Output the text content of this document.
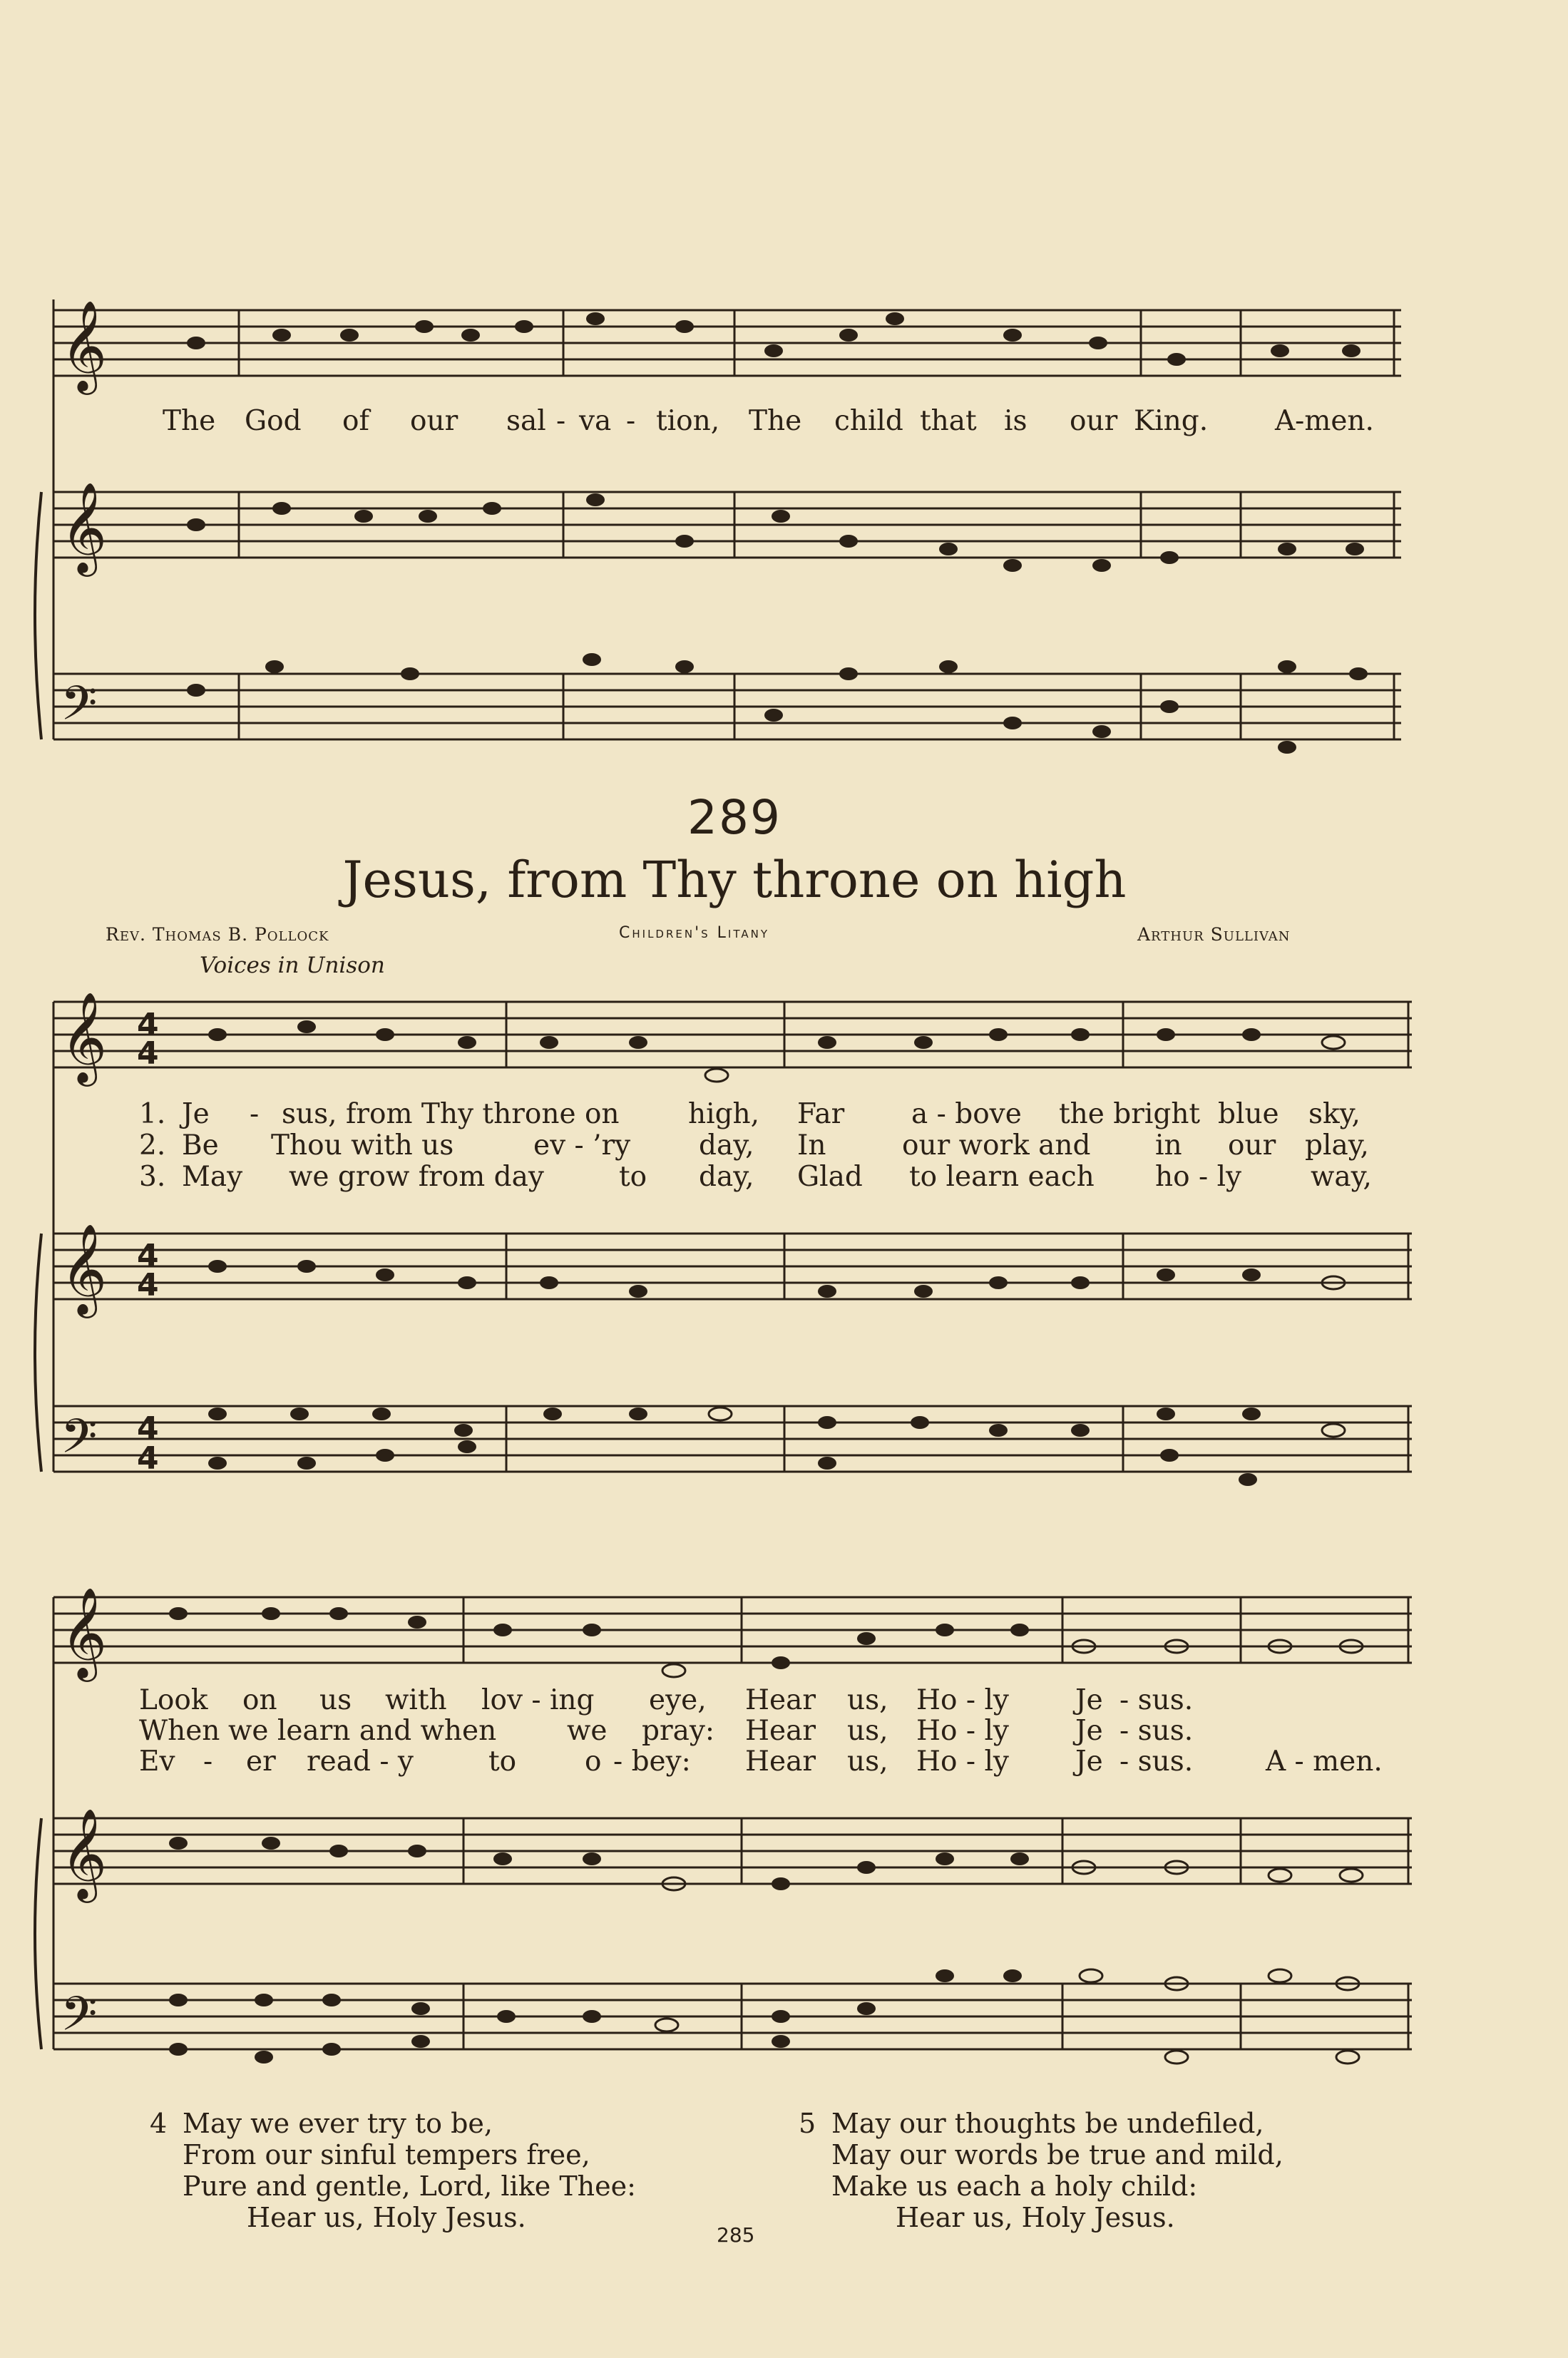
𝄞
𝄞
𝄢
𝄞
𝄞
𝄢
𝄞
𝄞
𝄢
4
4
4
4
4
4
The God of our sal - va - tion, The child that is our King. A-men.
289
Jesus, from Thy throne on high
Rev. Thomas B. Pollock	Children's Litany	Arthur Sullivan
Voices in Unison
1. Je - sus, from Thy throne on high, Far a - bove the bright blue sky,
2. Be Thou with us	ev - ’ry day, In	our work and in our play,
3. May we grow from day	to day, Glad to learn each ho - ly way,
Look on us with lov - ing eye, Hear us, Ho - ly Je - sus.
When we learn and when	we pray: Hear us, Ho - ly Je - sus.
Ev - er read - y	to o - bey: Hear us, Ho - ly Je - sus.	A - men.
4 May we ever try to be,
From our sinful tempers free,
Pure and gentle, Lord, like Thee:
Hear us, Holy Jesus.
5 May our thoughts be undefiled,
May our words be true and mild,
Make us each a holy child:
Hear us, Holy Jesus.
285
